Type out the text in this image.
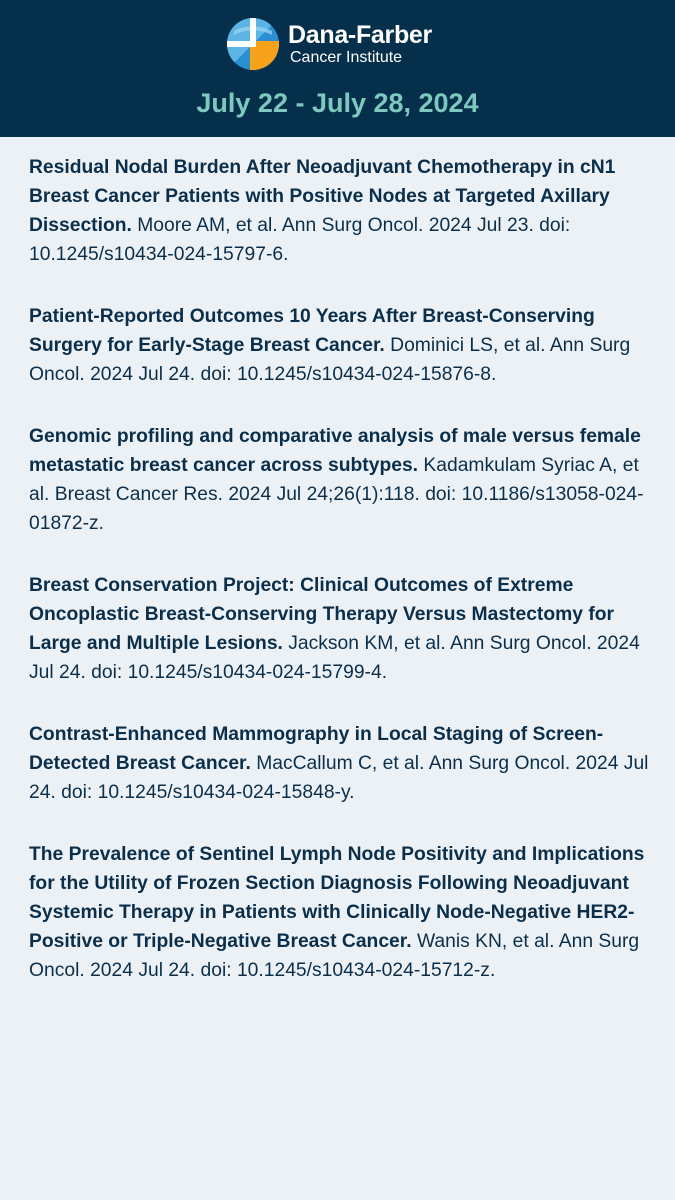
Dana-Farber
Cancer Institute
July 22 - July 28, 2024

Residual Nodal Burden After Neoadjuvant Chemotherapy in cN1 Breast Cancer Patients with Positive Nodes at Targeted Axillary Dissection. Moore AM, et al. Ann Surg Oncol. 2024 Jul 23. doi: 10.1245/s10434-024-15797-6.

Patient-Reported Outcomes 10 Years After Breast-Conserving Surgery for Early-Stage Breast Cancer. Dominici LS, et al. Ann Surg Oncol. 2024 Jul 24. doi: 10.1245/s10434-024-15876-8.

Genomic profiling and comparative analysis of male versus female metastatic breast cancer across subtypes. Kadamkulam Syriac A, et al. Breast Cancer Res. 2024 Jul 24;26(1):118. doi: 10.1186/s13058-024-01872-z.

Breast Conservation Project: Clinical Outcomes of Extreme Oncoplastic Breast-Conserving Therapy Versus Mastectomy for Large and Multiple Lesions. Jackson KM, et al. Ann Surg Oncol. 2024 Jul 24. doi: 10.1245/s10434-024-15799-4.

Contrast-Enhanced Mammography in Local Staging of Screen-Detected Breast Cancer. MacCallum C, et al. Ann Surg Oncol. 2024 Jul 24. doi: 10.1245/s10434-024-15848-y.

The Prevalence of Sentinel Lymph Node Positivity and Implications for the Utility of Frozen Section Diagnosis Following Neoadjuvant Systemic Therapy in Patients with Clinically Node-Negative HER2-Positive or Triple-Negative Breast Cancer. Wanis KN, et al. Ann Surg Oncol. 2024 Jul 24. doi: 10.1245/s10434-024-15712-z.
